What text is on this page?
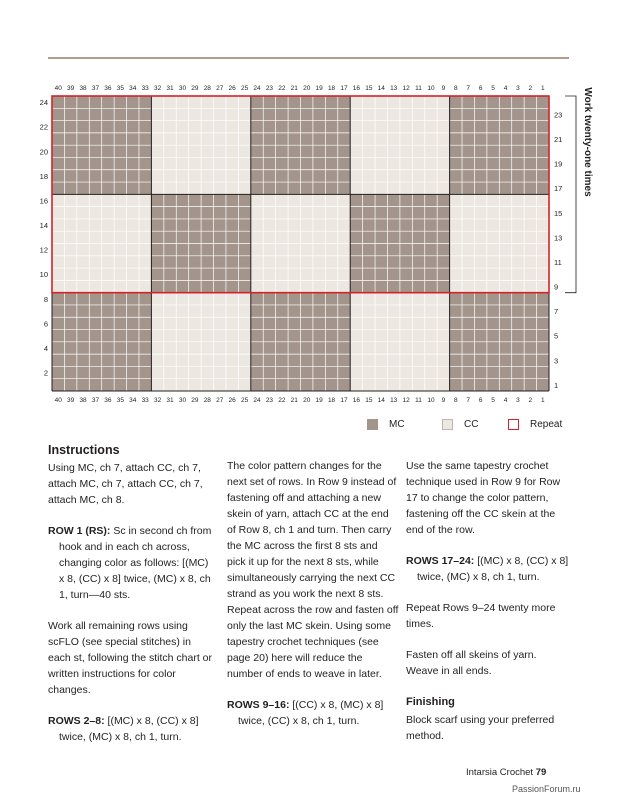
40 39 38 37 36 35 34 33 32 31 30 29 28 27 26 25 24 23 22 21 20 19 18 17 16 15 14 13 12 11 10 9 8 7 6 5 4 3 2 1
40 39 38 37 36 35 34 33 32 31 30 29 28 27 26 25 24 23 22 21 20 19 18 17 16 15 14 13 12 11 10 9 8 7 6 5 4 3 2 1
24
22
20
18
16
14
12
10
8
6
4
2
23
21
19
17
15
13
11
9
7
5
3
1
Work twenty-one times
MC	CC	Repeat
Instructions

Using MC, ch 7, attach CC, ch 7, attach MC, ch 7, attach CC, ch 7, attach MC, ch 8.

ROW 1 (RS): Sc in second ch from
hook and in each ch across, changing color as follows: [(MC) x 8, (CC) x 8] twice, (MC) x 8, ch 1, turn—40 sts.

Work all remaining rows using scFLO (see special stitches) in each st, following the stitch chart or written instructions for color changes.

ROWS 2–8: [(MC) x 8, (CC) x 8] twice, (MC) x 8, ch 1, turn.

The color pattern changes for the next set of rows. In Row 9 instead of fastening off and attaching a new skein of yarn, attach CC at the end of Row 8, ch 1 and turn. Then carry the MC across the first 8 sts and pick it up for the next 8 sts, while simultaneously carrying the next CC strand as you work the next 8 sts. Repeat across the row and fasten off only the last MC skein. Using some tapestry crochet techniques (see page 20) here will reduce the number of ends to weave in later.

ROWS 9–16: [(CC) x 8, (MC) x 8] twice, (CC) x 8, ch 1, turn.

Use the same tapestry crochet technique used in Row 9 for Row 17 to change the color pattern, fastening off the CC skein at the end of the row.

ROWS 17–24: [(MC) x 8, (CC) x 8] twice, (MC) x 8, ch 1, turn.

Repeat Rows 9–24 twenty more times.

Fasten off all skeins of yarn. Weave in all ends.

Finishing

Block scarf using your preferred method.

Intarsia Crochet 79
PassionForum.ru
